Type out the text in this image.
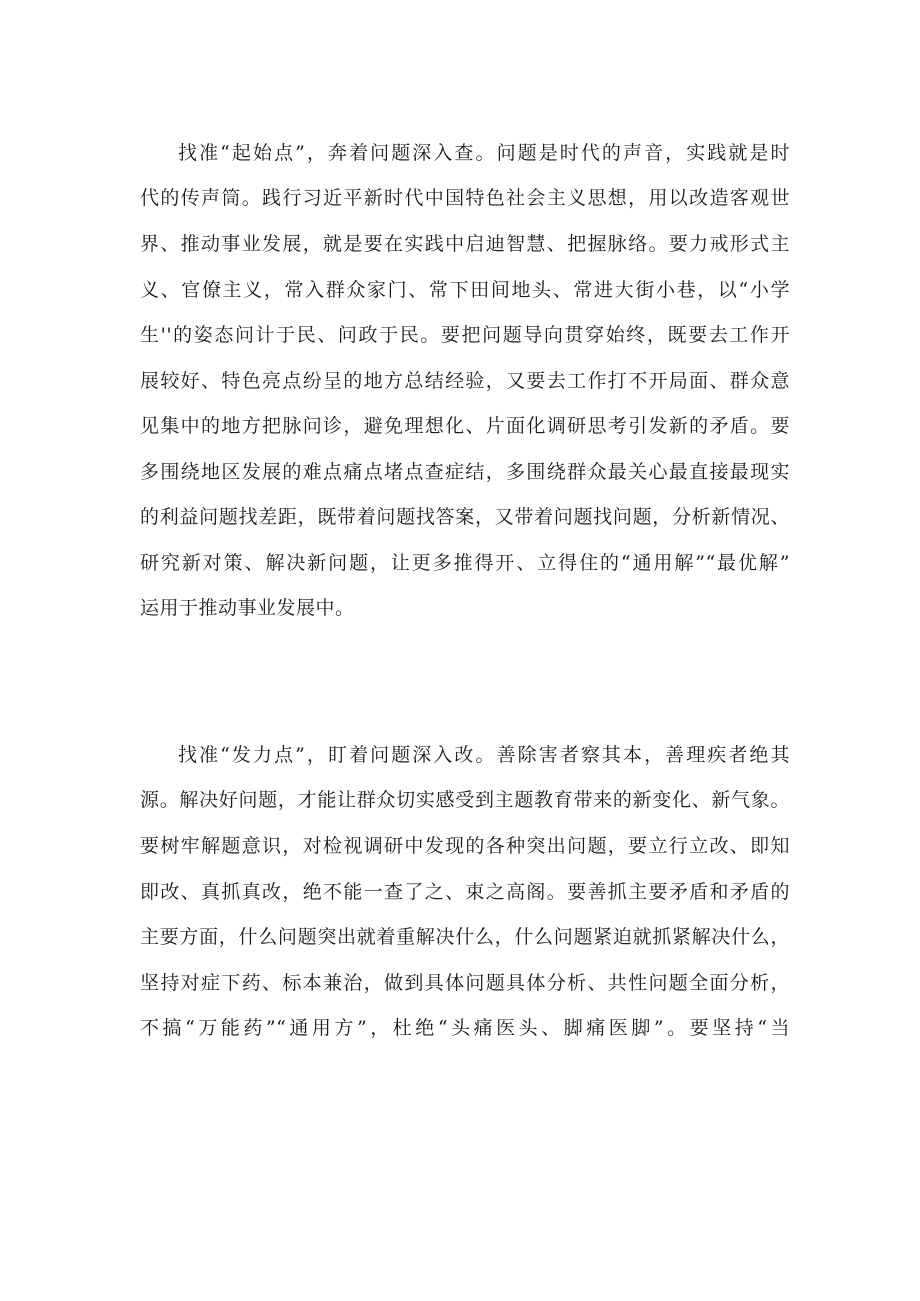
找准“起始点”，奔着问题深入查。问题是时代的声音，实践就是时
代的传声筒。践行习近平新时代中国特色社会主义思想，用以改造客观世
界、推动事业发展，就是要在实践中启迪智慧、把握脉络。要力戒形式主
义、官僚主义，常入群众家门、常下田间地头、常进大街小巷，以“小学
生''的姿态问计于民、问政于民。要把问题导向贯穿始终，既要去工作开
展较好、特色亮点纷呈的地方总结经验，又要去工作打不开局面、群众意
见集中的地方把脉问诊，避免理想化、片面化调研思考引发新的矛盾。要
多围绕地区发展的难点痛点堵点查症结，多围绕群众最关心最直接最现实
的利益问题找差距，既带着问题找答案，又带着问题找问题，分析新情况、
研究新对策、解决新问题，让更多推得开、立得住的“通用解”“最优解”
运用于推动事业发展中。
找准“发力点”，盯着问题深入改。善除害者察其本，善理疾者绝其
源。解决好问题，才能让群众切实感受到主题教育带来的新变化、新气象。
要树牢解题意识，对检视调研中发现的各种突出问题，要立行立改、即知
即改、真抓真改，绝不能一查了之、束之高阁。要善抓主要矛盾和矛盾的
主要方面，什么问题突出就着重解决什么，什么问题紧迫就抓紧解决什么，
坚持对症下药、标本兼治，做到具体问题具体分析、共性问题全面分析，
不搞“万能药”“通用方”，杜绝“头痛医头、脚痛医脚”。要坚持“当
